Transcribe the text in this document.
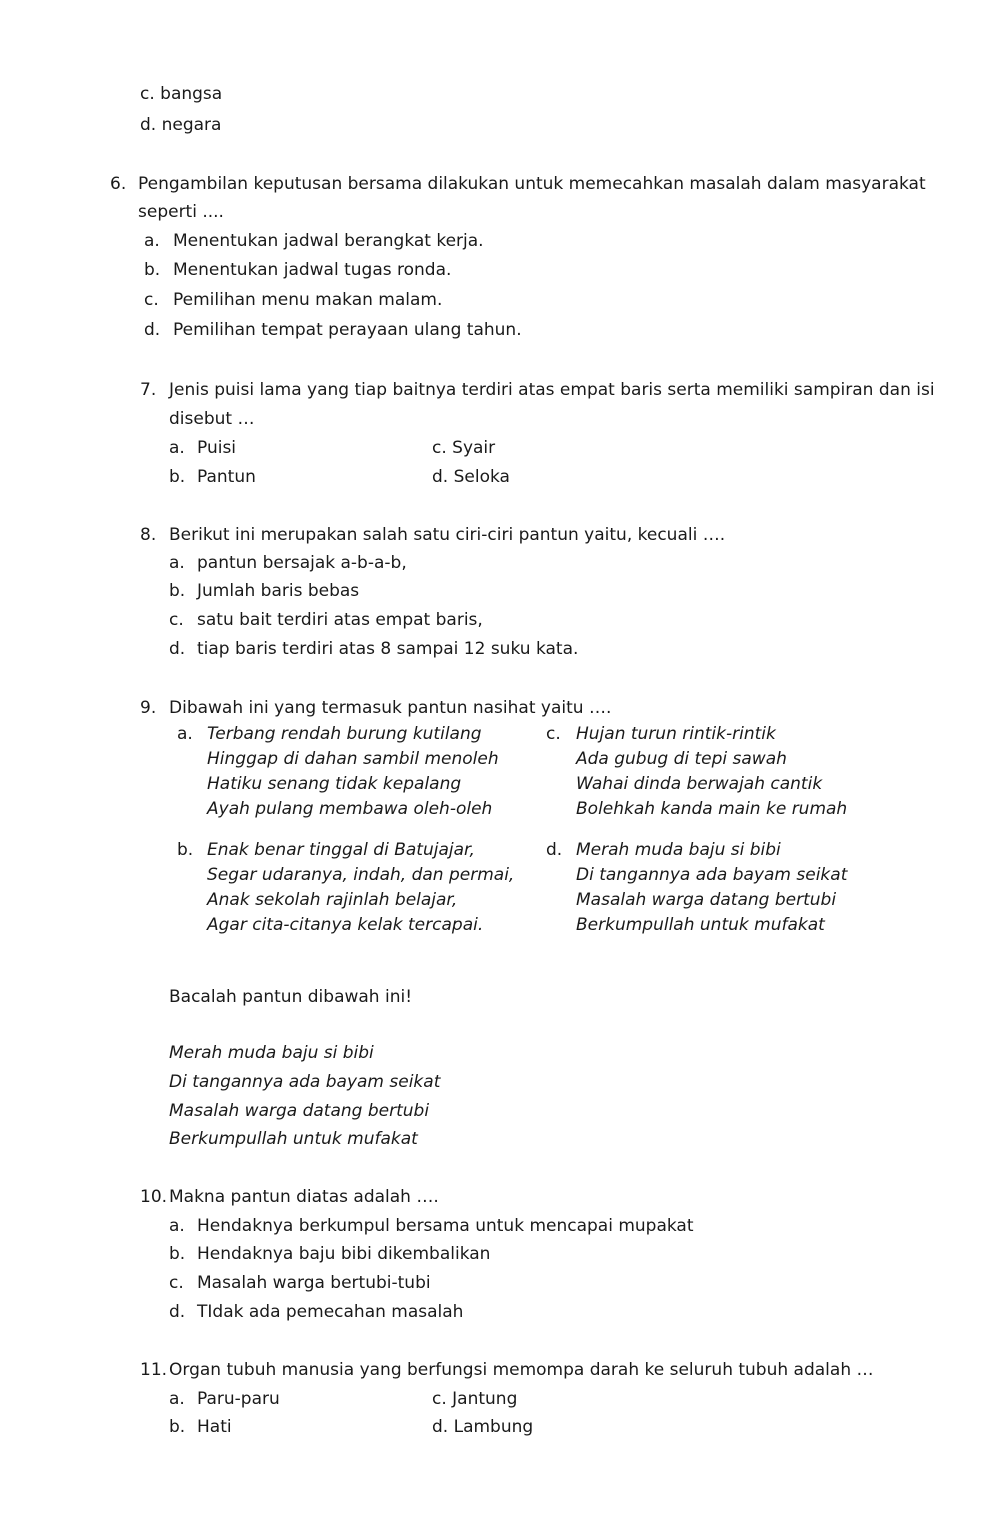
c. bangsa
d. negara
6. Pengambilan keputusan bersama dilakukan untuk memecahkan masalah dalam masyarakat
seperti ....
a. Menentukan jadwal berangkat kerja.
b. Menentukan jadwal tugas ronda.
c. Pemilihan menu makan malam.
d. Pemilihan tempat perayaan ulang tahun.
7. Jenis puisi lama yang tiap baitnya terdiri atas empat baris serta memiliki sampiran dan isi
disebut …
a. Puisi
b. Pantun
c. Syair
d. Seloka
8. Berikut ini merupakan salah satu ciri-ciri pantun yaitu, kecuali ….
a. pantun bersajak a-b-a-b,
b. Jumlah baris bebas
c. satu bait terdiri atas empat baris,
d. tiap baris terdiri atas 8 sampai 12 suku kata.
9. Dibawah ini yang termasuk pantun nasihat yaitu ….
a. Terbang rendah burung kutilang
Hinggap di dahan sambil menoleh
Hatiku senang tidak kepalang
Ayah pulang membawa oleh-oleh
c. Hujan turun rintik-rintik
Ada gubug di tepi sawah
Wahai dinda berwajah cantik
Bolehkah kanda main ke rumah
b. Enak benar tinggal di Batujajar,
Segar udaranya, indah, dan permai,
Anak sekolah rajinlah belajar,
Agar cita-citanya kelak tercapai.
d. Merah muda baju si bibi
Di tangannya ada bayam seikat
Masalah warga datang bertubi
Berkumpullah untuk mufakat
Bacalah pantun dibawah ini!
Merah muda baju si bibi
Di tangannya ada bayam seikat
Masalah warga datang bertubi
Berkumpullah untuk mufakat
10. Makna pantun diatas adalah ….
a. Hendaknya berkumpul bersama untuk mencapai mupakat
b. Hendaknya baju bibi dikembalikan
c. Masalah warga bertubi-tubi
d. TIdak ada pemecahan masalah
11. Organ tubuh manusia yang berfungsi memompa darah ke seluruh tubuh adalah …
a. Paru-paru
b. Hati
c. Jantung
d. Lambung
